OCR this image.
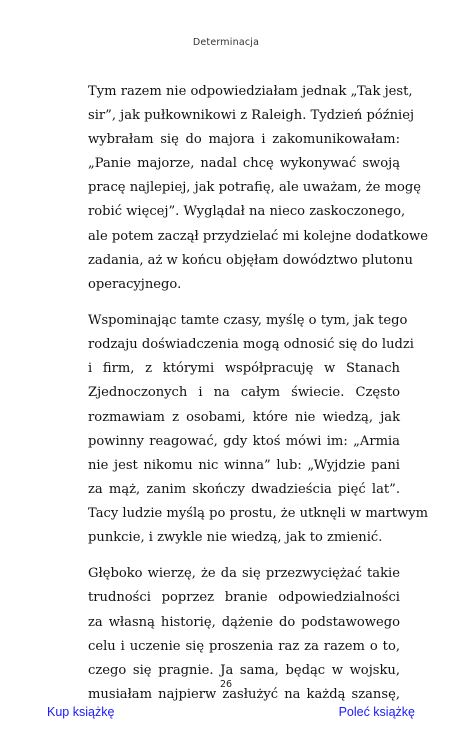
Determinacja
Tym razem nie odpowiedziałam jednak „Tak jest,
sir”, jak pułkownikowi z Raleigh. Tydzień później
wybrałam się do majora i zakomunikowałam:
„Panie majorze, nadal chcę wykonywać swoją
pracę najlepiej, jak potrafię, ale uważam, że mogę
robić więcej”. Wyglądał na nieco zaskoczonego,
ale potem zaczął przydzielać mi kolejne dodatkowe
zadania, aż w końcu objęłam dowództwo plutonu
operacyjnego.
Wspominając tamte czasy, myślę o tym, jak tego
rodzaju doświadczenia mogą odnosić się do ludzi
i firm, z którymi współpracuję w Stanach
Zjednoczonych i na całym świecie. Często
rozmawiam z osobami, które nie wiedzą, jak
powinny reagować, gdy ktoś mówi im: „Armia
nie jest nikomu nic winna” lub: „Wyjdzie pani
za mąż, zanim skończy dwadzieścia pięć lat”.
Tacy ludzie myślą po prostu, że utknęli w martwym
punkcie, i zwykle nie wiedzą, jak to zmienić.
Głęboko wierzę, że da się przezwyciężać takie
trudności poprzez branie odpowiedzialności
za własną historię, dążenie do podstawowego
celu i uczenie się proszenia raz za razem o to,
czego się pragnie. Ja sama, będąc w wojsku,
musiałam najpierw zasłużyć na każdą szansę,
26
Kup książkę	Poleć książkę
